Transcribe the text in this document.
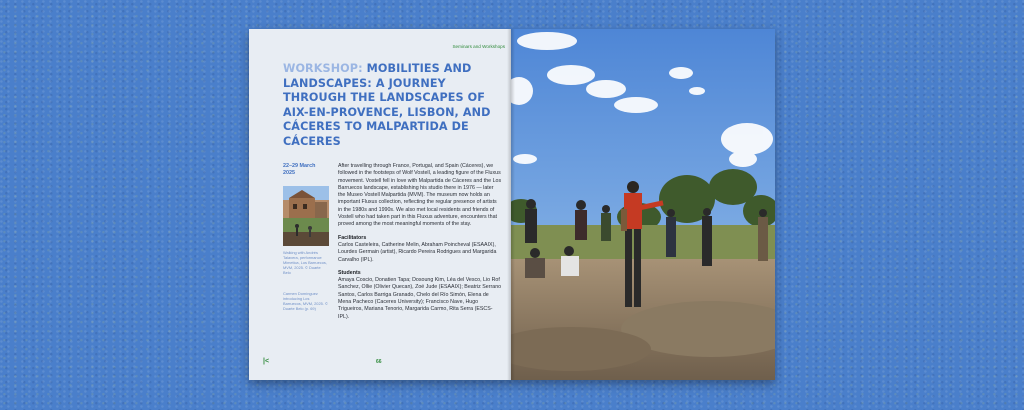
Seminars and Workshops
WORKSHOP: MOBILITIES AND LANDSCAPES: A JOURNEY THROUGH THE LANDSCAPES OF AIX-EN-PROVENCE, LISBON, AND CÁCERES TO MALPARTIDA DE CÁCERES
22–29 March 2025
Walking with Andrés Talavera, performance Mimetica, Los Barruecos, MVM, 2025. © Duarte Belo
Carmen Domínguez introducing Los Barruecos, MVM, 2025. © Duarte Belo (p. 69)

After travelling through France, Portugal, and Spain (Cáceres), we followed in the footsteps of Wolf Vostell, a leading figure of the Fluxus movement. Vostell fell in love with Malpartida de Cáceres and the Los Barruecos landscape, establishing his studio there in 1976 — later the Museo Vostell Malpartida (MVM). The museum now holds an important Fluxus collection, reflecting the regular presence of artists in the 1980s and 1990s. We also met local residents and friends of Vostell who had taken part in this Fluxus adventure, encounters that proved among the most meaningful moments of the stay.

Facilitators

Carlos Casteleira, Catherine Melin, Abraham Poincheval (ESAAIX), Lourdes Germain (artist), Ricardo Pereira Rodrigues and Margarida Carvalho (IPL).

Students

Amaya Coscio, Donatien Tapa; Dosoung Kim, Léa del Vesco, Lio Rof Sanchez, Ollie (Olivier Quecan), Zoé Jude (ESAAIX); Beatriz Serrano Santos, Carlos Barriga Granado, Chelo del Río Simón, Elena de Mena Pacheco (Caceres University); Francisco Nave, Hugo Trigueiros, Mariana Tenorio, Margarida Carmo, Rita Serra (ESCS-IPL).

|<	66
